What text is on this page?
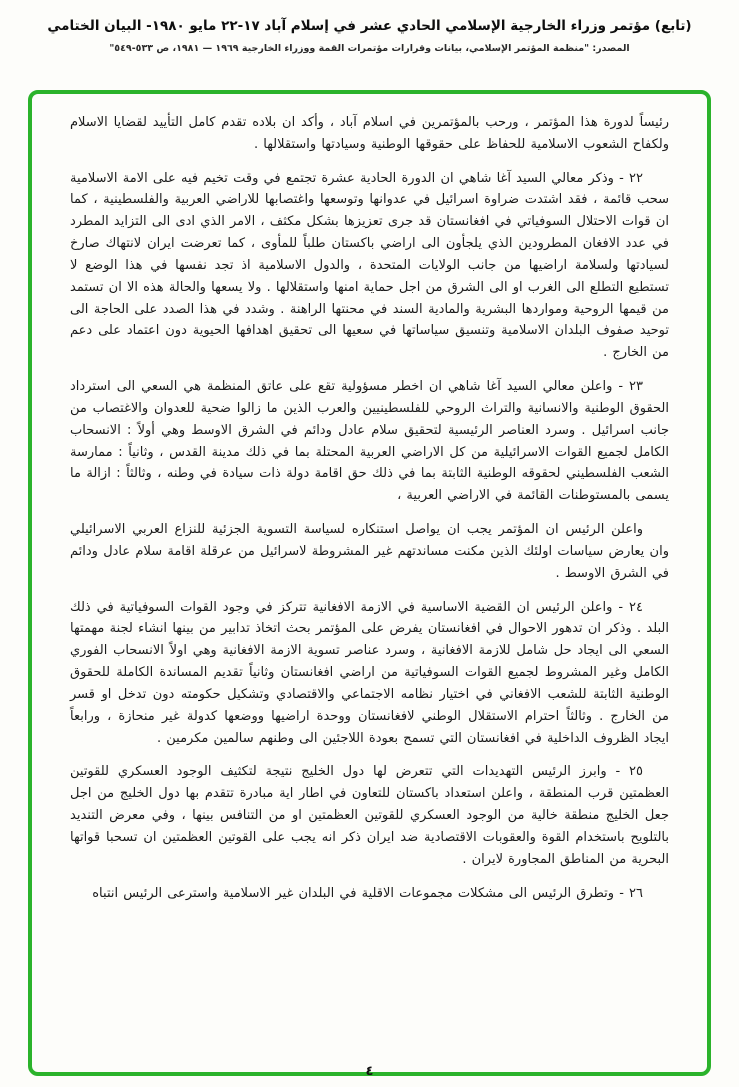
(تابع) مؤتمر وزراء الخارجية الإسلامي الحادي عشر في إسلام آباد ١٧-٢٢ مايو ١٩٨٠- البيان الختامي
المصدر: "منظمة المؤتمر الإسلامي، بيانات وقرارات مؤتمرات القمة ووزراء الخارجية ١٩٦٩ — ١٩٨١، ص ٥٣٣-٥٤٩"

رئيساً لدورة هذا المؤتمر ، ورحب بالمؤتمرين في اسلام آباد ، وأكد ان بلاده تقدم كامل التأييد لقضايا الاسلام ولكفاح الشعوب الاسلامية للحفاظ على حقوقها الوطنية وسيادتها واستقلالها .

٢٢ - وذكر معالي السيد آغا شاهي ان الدورة الحادية عشرة تجتمع في وقت تخيم فيه على الامة الاسلامية سحب قائمة ، فقد اشتدت ضراوة اسرائيل في عدوانها وتوسعها واغتصابها للاراضي العربية والفلسطينية ، كما ان قوات الاحتلال السوفياتي في افغانستان قد جرى تعزيزها بشكل مكثف ، الامر الذي ادى الى التزايد المطرد في عدد الافغان المطرودين الذي يلجأون الى اراضي باكستان طلباً للمأوى ، كما تعرضت ايران لانتهاك صارخ لسيادتها ولسلامة اراضيها من جانب الولايات المتحدة ، والدول الاسلامية اذ تجد نفسها في هذا الوضع لا تستطيع التطلع الى الغرب او الى الشرق من اجل حماية امنها واستقلالها . ولا يسعها والحالة هذه الا ان تستمد من قيمها الروحية ومواردها البشرية والمادية السند في محنتها الراهنة . وشدد في هذا الصدد على الحاجة الى توحيد صفوف البلدان الاسلامية وتنسيق سياساتها في سعيها الى تحقيق اهدافها الحيوية دون اعتماد على دعم من الخارج .

٢٣ - واعلن معالي السيد آغا شاهي ان اخطر مسؤولية تقع على عاتق المنظمة هي السعي الى استرداد الحقوق الوطنية والانسانية والتراث الروحي للفلسطينيين والعرب الذين ما زالوا ضحية للعدوان والاغتصاب من جانب اسرائيل . وسرد العناصر الرئيسية لتحقيق سلام عادل ودائم في الشرق الاوسط وهي أولاً : الانسحاب الكامل لجميع القوات الاسرائيلية من كل الاراضي العربية المحتلة بما في ذلك مدينة القدس ، وثانياً : ممارسة الشعب الفلسطيني لحقوقه الوطنية الثابتة بما في ذلك حق اقامة دولة ذات سيادة في وطنه ، وثالثاً : ازالة ما يسمى بالمستوطنات القائمة في الاراضي العربية ،

واعلن الرئيس ان المؤتمر يجب ان يواصل استنكاره لسياسة التسوية الجزئية للنزاع العربي الاسرائيلي وان يعارض سياسات اولئك الذين مكنت مساندتهم غير المشروطة لاسرائيل من عرقلة اقامة سلام عادل ودائم في الشرق الاوسط .

٢٤ - واعلن الرئيس ان القضية الاساسية في الازمة الافغانية تتركز في وجود القوات السوفياتية في ذلك البلد . وذكر ان تدهور الاحوال في افغانستان يفرض على المؤتمر بحث اتخاذ تدابير من بينها انشاء لجنة مهمتها السعي الى ايجاد حل شامل للازمة الافغانية ، وسرد عناصر تسوية الازمة الافغانية وهي اولاً الانسحاب الفوري الكامل وغير المشروط لجميع القوات السوفياتية من اراضي افغانستان وثانياً تقديم المساندة الكاملة للحقوق الوطنية الثابتة للشعب الافغاني في اختيار نظامه الاجتماعي والاقتصادي وتشكيل حكومته دون تدخل او قسر من الخارج . وثالثاً احترام الاستقلال الوطني لافغانستان ووحدة اراضيها ووضعها كدولة غير منحازة ، ورابعاً ايجاد الظروف الداخلية في افغانستان التي تسمح بعودة اللاجئين الى وطنهم سالمين مكرمين .

٢٥ - وابرز الرئيس التهديدات التي تتعرض لها دول الخليج نتيجة لتكثيف الوجود العسكري للقوتين العظمتين قرب المنطقة ، واعلن استعداد باكستان للتعاون في اطار اية مبادرة تتقدم بها دول الخليج من اجل جعل الخليج منطقة خالية من الوجود العسكري للقوتين العظمتين او من التنافس بينها ، وفي معرض التنديد بالتلويح باستخدام القوة والعقوبات الاقتصادية ضد ايران ذكر انه يجب على القوتين العظمتين ان تسحبا قواتها البحرية من المناطق المجاورة لايران .

٢٦ - وتطرق الرئيس الى مشكلات مجموعات الاقلية في البلدان غير الاسلامية واسترعى الرئيس انتباه

٤
